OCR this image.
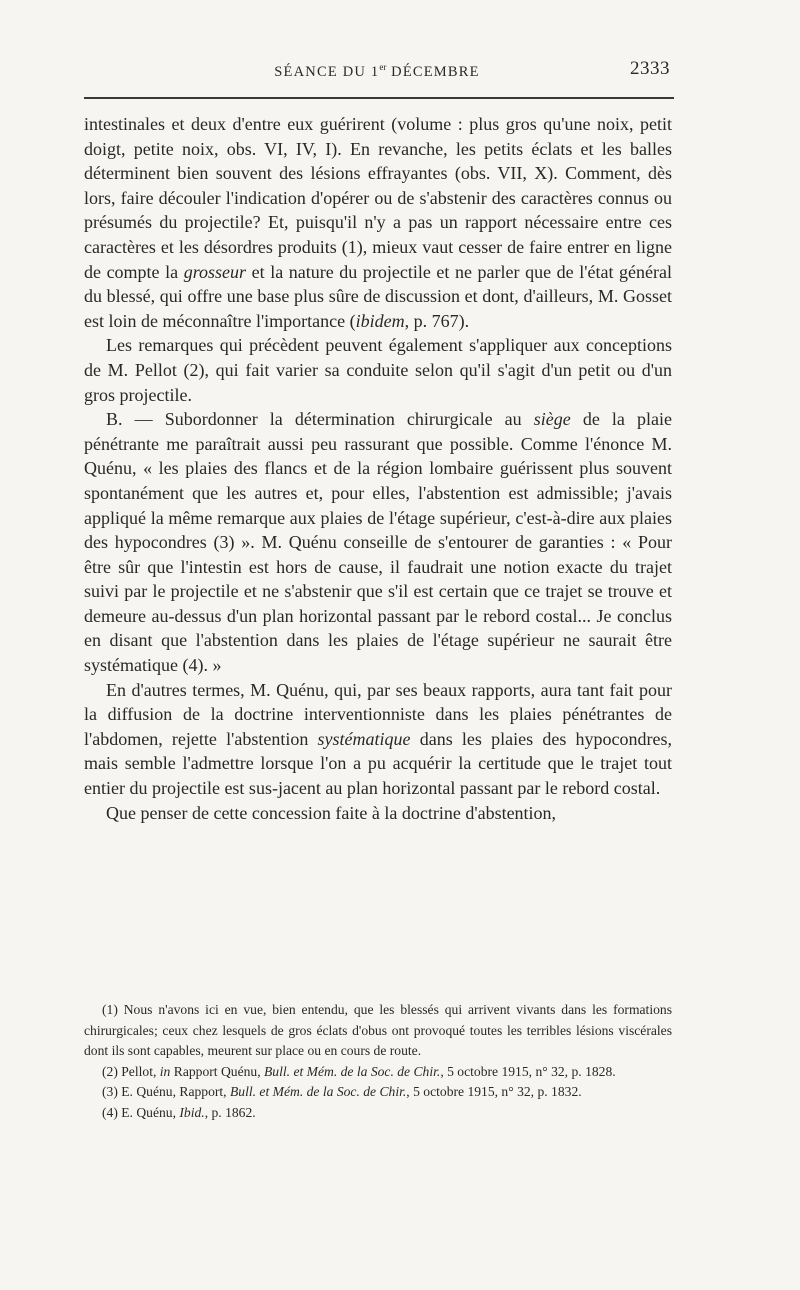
SÉANCE DU 1er DÉCEMBRE	2333

intestinales et deux d'entre eux guérirent (volume : plus gros qu'une noix, petit doigt, petite noix, obs. VI, IV, I). En revanche, les petits éclats et les balles déterminent bien souvent des lésions effrayantes (obs. VII, X). Comment, dès lors, faire découler l'indication d'opérer ou de s'abstenir des caractères connus ou présumés du projectile? Et, puisqu'il n'y a pas un rapport nécessaire entre ces caractères et les désordres produits (1), mieux vaut cesser de faire entrer en ligne de compte la grosseur et la nature du projectile et ne parler que de l'état général du blessé, qui offre une base plus sûre de discussion et dont, d'ailleurs, M. Gosset est loin de méconnaître l'importance (ibidem, p. 767).

Les remarques qui précèdent peuvent également s'appliquer aux conceptions de M. Pellot (2), qui fait varier sa conduite selon qu'il s'agit d'un petit ou d'un gros projectile.

B. — Subordonner la détermination chirurgicale au siège de la plaie pénétrante me paraîtrait aussi peu rassurant que possible. Comme l'énonce M. Quénu, « les plaies des flancs et de la région lombaire guérissent plus souvent spontanément que les autres et, pour elles, l'abstention est admissible; j'avais appliqué la même remarque aux plaies de l'étage supérieur, c'est-à-dire aux plaies des hypocondres (3) ». M. Quénu conseille de s'entourer de garanties : « Pour être sûr que l'intestin est hors de cause, il faudrait une notion exacte du trajet suivi par le projectile et ne s'abstenir que s'il est certain que ce trajet se trouve et demeure au-dessus d'un plan horizontal passant par le rebord costal... Je conclus en disant que l'abstention dans les plaies de l'étage supérieur ne saurait être systématique (4). »

En d'autres termes, M. Quénu, qui, par ses beaux rapports, aura tant fait pour la diffusion de la doctrine interventionniste dans les plaies pénétrantes de l'abdomen, rejette l'abstention systématique dans les plaies des hypocondres, mais semble l'admettre lorsque l'on a pu acquérir la certitude que le trajet tout entier du projectile est sus-jacent au plan horizontal passant par le rebord costal.

Que penser de cette concession faite à la doctrine d'abstention,

(1) Nous n'avons ici en vue, bien entendu, que les blessés qui arrivent vivants dans les formations chirurgicales; ceux chez lesquels de gros éclats d'obus ont provoqué toutes les terribles lésions viscérales dont ils sont capables, meurent sur place ou en cours de route.

(2) Pellot, in Rapport Quénu, Bull. et Mém. de la Soc. de Chir., 5 octobre 1915, n° 32, p. 1828.

(3) E. Quénu, Rapport, Bull. et Mém. de la Soc. de Chir., 5 octobre 1915, n° 32, p. 1832.

(4) E. Quénu, Ibid., p. 1862.
